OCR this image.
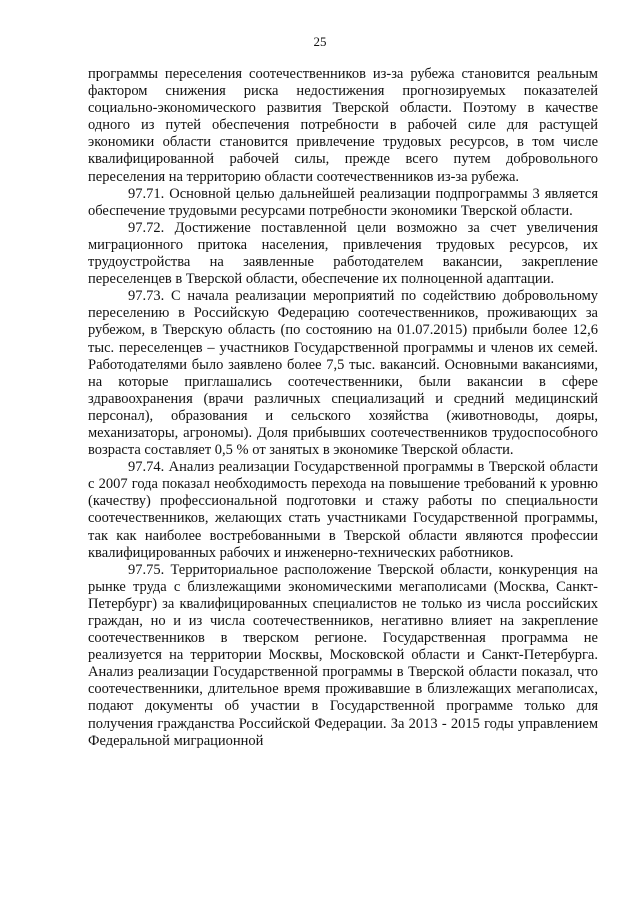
25

программы переселения соотечественников из-за рубежа становится реальным фактором снижения риска недостижения прогнозируемых показателей социально-экономического развития Тверской области. Поэтому в качестве одного из путей обеспечения потребности в рабочей силе для растущей экономики области становится привлечение трудовых ресурсов, в том числе квалифицированной рабочей силы, прежде всего путем добровольного переселения на территорию области соотечественников из-за рубежа.

97.71. Основной целью дальнейшей реализации подпрограммы 3 является обеспечение трудовыми ресурсами потребности экономики Тверской области.

97.72. Достижение поставленной цели возможно за счет увеличения миграционного притока населения, привлечения трудовых ресурсов, их трудоустройства на заявленные работодателем вакансии, закрепление переселенцев в Тверской области, обеспечение их полноценной адаптации.

97.73. С начала реализации мероприятий по содействию добровольному переселению в Российскую Федерацию соотечественников, проживающих за рубежом, в Тверскую область (по состоянию на 01.07.2015) прибыли более 12,6 тыс. переселенцев – участников Государственной программы и членов их семей. Работодателями было заявлено более 7,5 тыс. вакансий. Основными вакансиями, на которые приглашались соотечественники, были вакансии в сфере здравоохранения (врачи различных специализаций и средний медицинский персонал), образования и сельского хозяйства (животноводы, дояры, механизаторы, агрономы). Доля прибывших соотечественников трудоспособного возраста составляет 0,5 % от занятых в экономике Тверской области.

97.74. Анализ реализации Государственной программы в Тверской области с 2007 года показал необходимость перехода на повышение требований к уровню (качеству) профессиональной подготовки и стажу работы по специальности соотечественников, желающих стать участниками Государственной программы, так как наиболее востребованными в Тверской области являются профессии квалифицированных рабочих и инженерно-технических работников.

97.75. Территориальное расположение Тверской области, конкуренция на рынке труда с близлежащими экономическими мегаполисами (Москва, Санкт-Петербург) за квалифицированных специалистов не только из числа российских граждан, но и из числа соотечественников, негативно влияет на закрепление соотечественников в тверском регионе. Государственная программа не реализуется на территории Москвы, Московской области и Санкт-Петербурга. Анализ реализации Государственной программы в Тверской области показал, что соотечественники, длительное время проживавшие в близлежащих мегаполисах, подают документы об участии в Государственной программе только для получения гражданства Российской Федерации. За 2013 - 2015 годы управлением Федеральной миграционной
